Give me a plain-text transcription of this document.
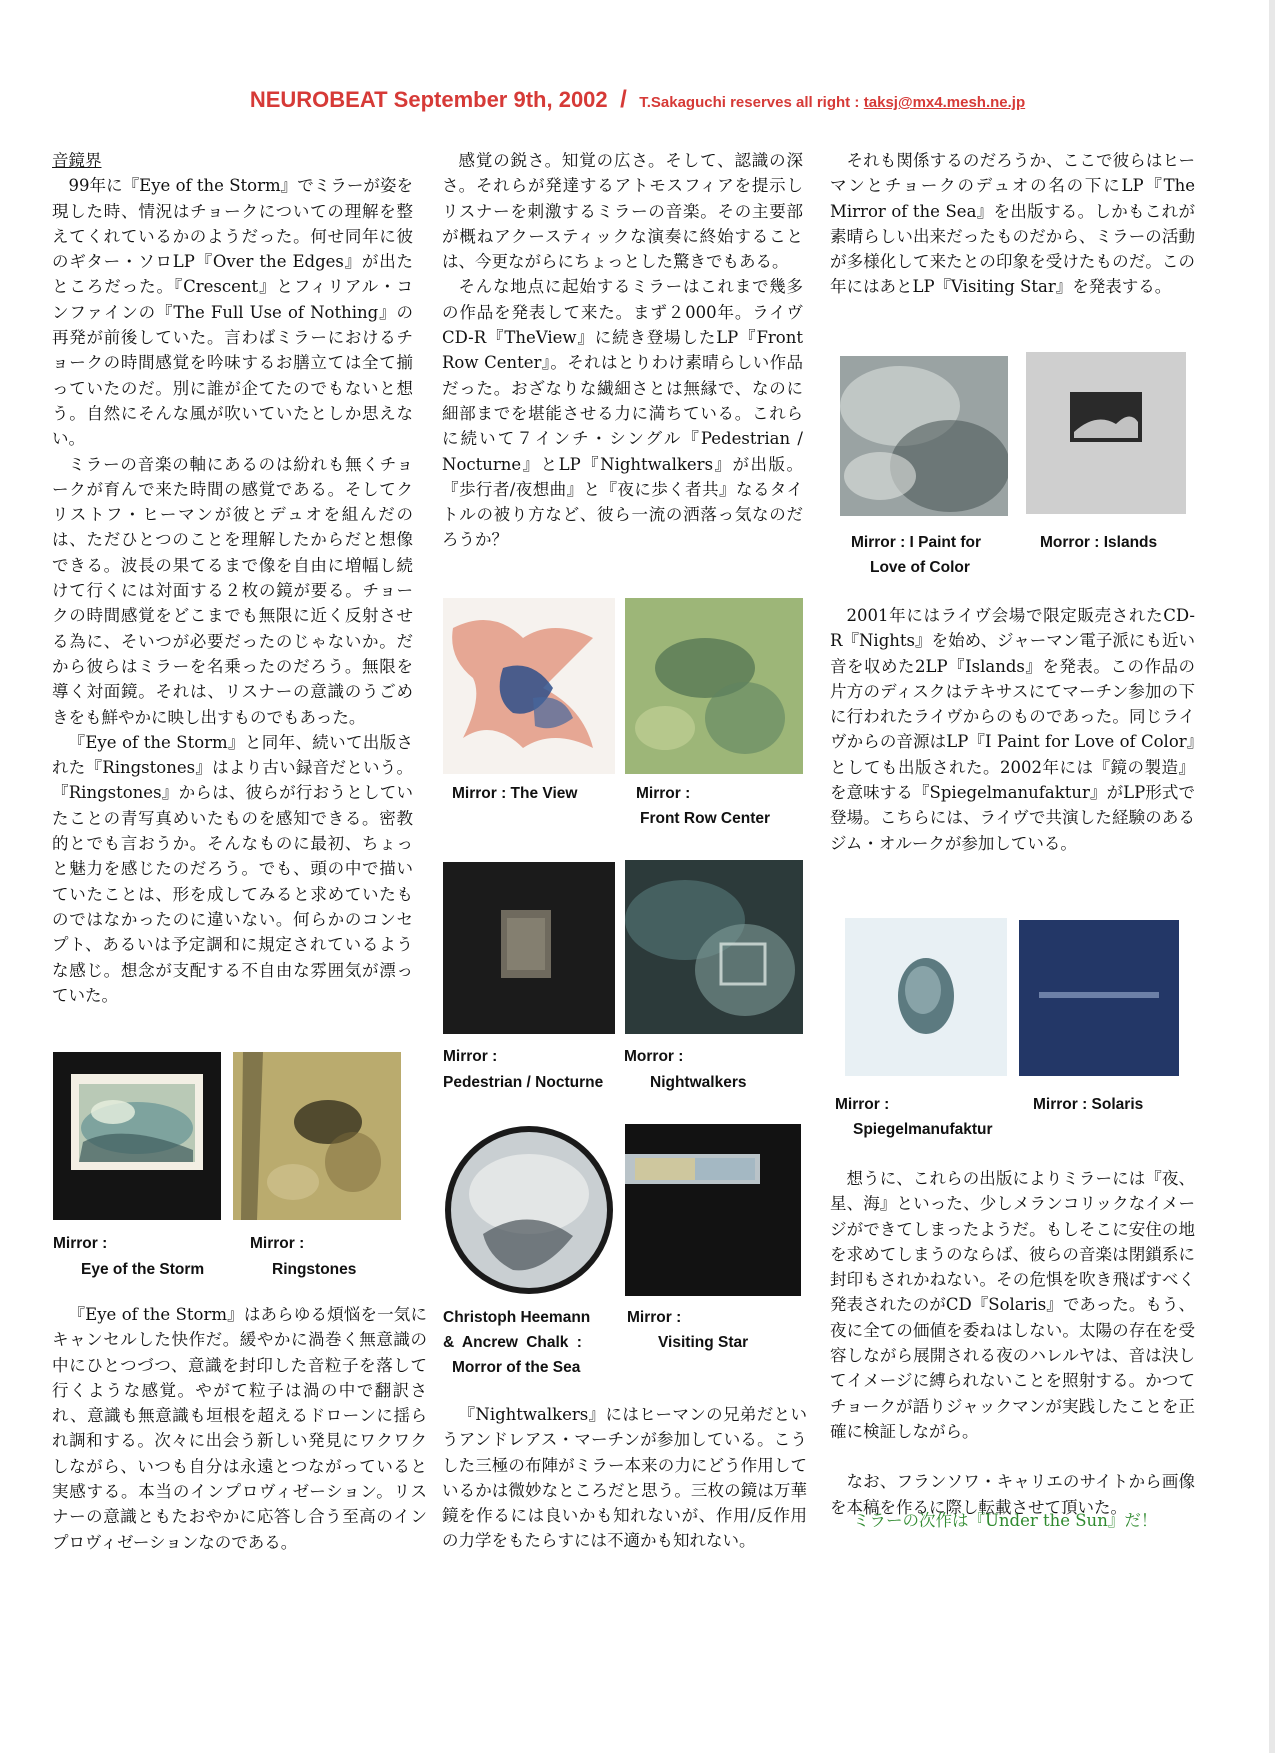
NEUROBEAT September 9th, 2002 / T.Sakaguchi reserves all right : taksj@mx4.mesh.ne.jp
音鏡界

99年に『Eye of the Storm』でミラーが姿を現した時、情況はチョークについての理解を整えてくれているかのようだった。何せ同年に彼のギター・ソロLP『Over the Edges』が出たところだった。『Crescent』とフィリアル・コンファインの『The Full Use of Nothing』の再発が前後していた。言わばミラーにおけるチョークの時間感覚を吟味するお膳立ては全て揃っていたのだ。別に誰が企てたのでもないと想う。自然にそんな風が吹いていたとしか思えない。

ミラーの音楽の軸にあるのは紛れも無くチョークが育んで来た時間の感覚である。そしてクリストフ・ヒーマンが彼とデュオを組んだのは、ただひとつのことを理解したからだと想像できる。波長の果てるまで像を自由に増幅し続けて行くには対面する２枚の鏡が要る。チョークの時間感覚をどこまでも無限に近く反射させる為に、そいつが必要だったのじゃないか。だから彼らはミラーを名乗ったのだろう。無限を導く対面鏡。それは、リスナーの意識のうごめきをも鮮やかに映し出すものでもあった。

『Eye of the Storm』と同年、続いて出版された『Ringstones』はより古い録音だという。『Ringstones』からは、彼らが行おうとしていたことの青写真めいたものを感知できる。密教的とでも言おうか。そんなものに最初、ちょっと魅力を感じたのだろう。でも、頭の中で描いていたことは、形を成してみると求めていたものではなかったのに違いない。何らかのコンセプト、あるいは予定調和に規定されているような感じ。想念が支配する不自由な雰囲気が漂っていた。

『Eye of the Storm』はあらゆる煩悩を一気にキャンセルした快作だ。緩やかに渦巻く無意識の中にひとつづつ、意識を封印した音粒子を落して行くような感覚。やがて粒子は渦の中で翻訳され、意識も無意識も垣根を超えるドローンに揺られ調和する。次々に出会う新しい発見にワクワクしながら、いつも自分は永遠とつながっていると実感する。本当のインプロヴィゼーション。リスナーの意識ともたおやかに応答し合う至高のインプロヴィゼーションなのである。

感覚の鋭さ。知覚の広さ。そして、認識の深さ。それらが発達するアトモスフィアを提示しリスナーを刺激するミラーの音楽。その主要部が概ねアクースティックな演奏に終始することは、今更ながらにちょっとした驚きでもある。

そんな地点に起始するミラーはこれまで幾多の作品を発表して来た。まず２000年。ライヴCD-R『TheView』に続き登場したLP『Front Row Center』。それはとりわけ素晴らしい作品だった。おざなりな繊細さとは無縁で、なのに細部までを堪能させる力に満ちている。これらに続いて７インチ・シングル『Pedestrian / Nocturne』とLP『Nightwalkers』が出版。『歩行者/夜想曲』と『夜に歩く者共』なるタイトルの被り方など、彼ら一流の洒落っ気なのだろうか？

『Nightwalkers』にはヒーマンの兄弟だというアンドレアス・マーチンが参加している。こうした三極の布陣がミラー本来の力にどう作用しているかは微妙なところだと思う。三枚の鏡は万華鏡を作るには良いかも知れないが、作用/反作用の力学をもたらすには不適かも知れない。

それも関係するのだろうか、ここで彼らはヒーマンとチョークのデュオの名の下にLP『The Mirror of the Sea』を出版する。しかもこれが素晴らしい出来だったものだから、ミラーの活動が多様化して来たとの印象を受けたものだ。この年にはあとLP『Visiting Star』を発表する。

2001年にはライヴ会場で限定販売されたCD-R『Nights』を始め、ジャーマン電子派にも近い音を収めた2LP『Islands』を発表。この作品の片方のディスクはテキサスにてマーチン参加の下に行われたライヴからのものであった。同じライヴからの音源はLP『I Paint for Love of Color』としても出版された。2002年には『鏡の製造』を意味する『Spiegelmanufaktur』がLP形式で登場。こちらには、ライヴで共演した経験のあるジム・オルークが参加している。

想うに、これらの出版によりミラーには『夜、星、海』といった、少しメランコリックなイメージができてしまったようだ。もしそこに安住の地を求めてしまうのならば、彼らの音楽は閉鎖系に封印もされかねない。その危惧を吹き飛ばすべく発表されたのがCD『Solaris』であった。もう、夜に全ての価値を委ねはしない。太陽の存在を受容しながら展開される夜のハレルヤは、音は決してイメージに縛られないことを照射する。かつてチョークが語りジャックマンが実践したことを正確に検証しながら。

なお、フランソワ・キャリエのサイトから画像を本稿を作るに際し転載させて頂いた。

ミラーの次作は『Under the Sun』だ！
Mirror :
Eye of the Storm
Mirror :
Ringstones
Mirror : The View	Mirror :
Front Row Center
Mirror :
Pedestrian / Nocturne
Morror :
Nightwalkers
Christoph Heemann
& Ancrew Chalk :
Morror of the Sea
Mirror :
Visiting Star
Mirror : I Paint for
Love of Color
Morror : Islands
Mirror :
Spiegelmanufaktur
Mirror : Solaris
